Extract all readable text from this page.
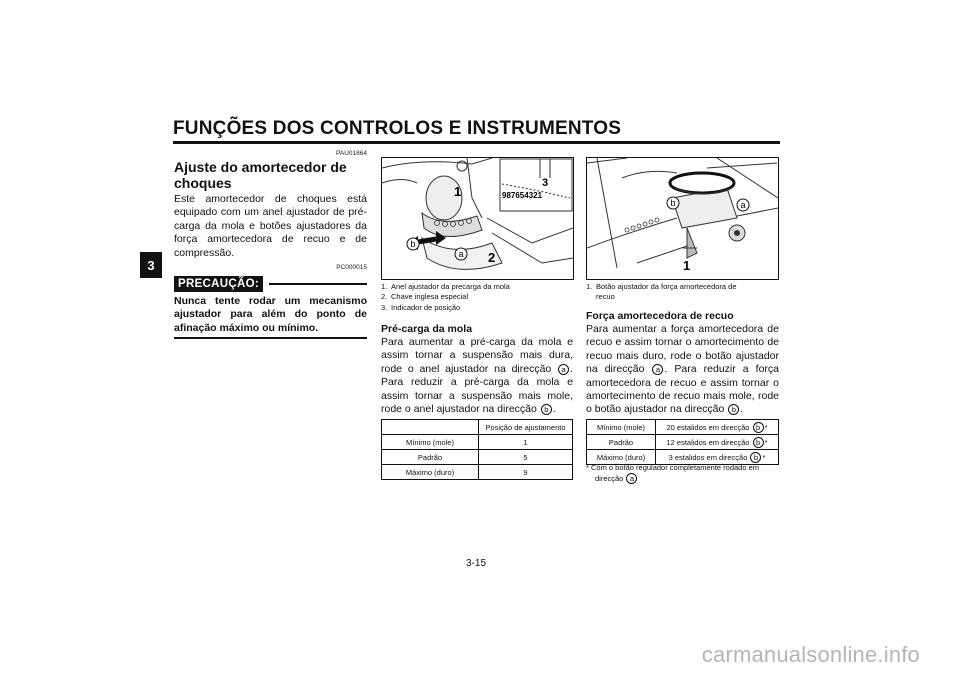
FUNÇÕES DOS CONTROLOS E INSTRUMENTOS
3
PAU01864
Ajuste do amortecedor de choques
Este amortecedor de choques está equipado com um anel ajustador de pré-carga da mola e botões ajustadores da força amortecedora de recuo e de compressão.
PC000015
PRECAUÇÃO:
Nunca tente rodar um mecanismo ajustador para além do ponto de afinação máximo ou mínimo.
987654321
3
1
2
b
a
1. Anel ajustador da precarga da mola
2. Chave inglesa especial
3. Indicador de posição
Pré-carga da mola
Para aumentar a pré-carga da mola e assim tornar a suspensão mais dura, rode o anel ajustador na direcção a . Para reduzir a pré-carga da mola e assim tornar a suspensão mais mole, rode o anel ajustador na direcção b .
	Posição de ajustamento
Mínimo (mole)	1
Padrão	5
Máximo (duro)	9
b	a
1
1. Botão ajustador da força amortecedora de
recuo
Força amortecedora de recuo
Para aumentar a força amortecedora de recuo e assim tornar o amortecimento de recuo mais duro, rode o botão ajustador na direcção a . Para reduzir a força amortecedora de recuo e assim tornar o amortecimento de recuo mais mole, rode o botão ajustador na direcção b .
Mínimo (mole)	20 estalidos em direcção b *
Padrão	12 estalidos em direcção b *
Máximo (duro)	3 estalidos em direcção b *
* Com o botão regulador completamente rodado em
direcção a
3-15
carmanualsonline.info
